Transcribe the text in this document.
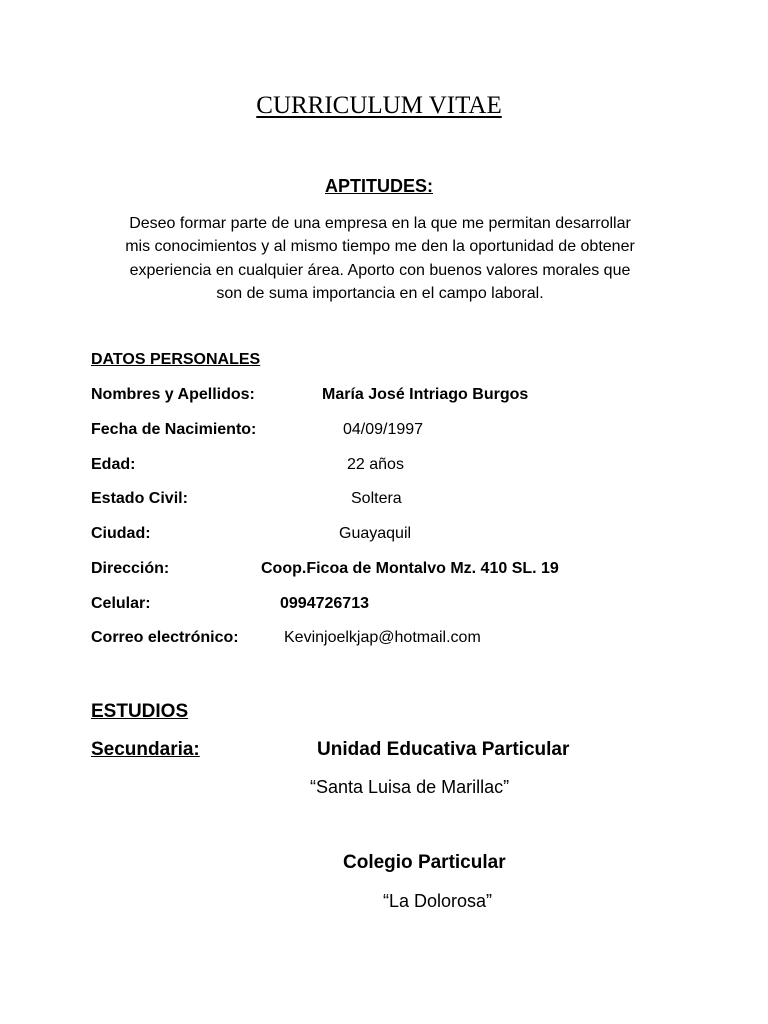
CURRICULUM VITAE
APTITUDES:
Deseo formar parte de una empresa en la que me permitan desarrollar
mis conocimientos y al mismo tiempo me den la oportunidad de obtener
experiencia en cualquier área. Aporto con buenos valores morales que
son de suma importancia en el campo laboral.
DATOS PERSONALES
Nombres y Apellidos:	María José Intriago Burgos
Fecha de Nacimiento:	04/09/1997
Edad:	22 años
Estado Civil:	Soltera
Ciudad:	Guayaquil
Dirección:	Coop.Ficoa de Montalvo Mz. 410 SL. 19
Celular:	0994726713
Correo electrónico:	Kevinjoelkjap@hotmail.com
ESTUDIOS
Secundaria:	Unidad Educativa Particular
“Santa Luisa de Marillac”
Colegio Particular
“La Dolorosa”
